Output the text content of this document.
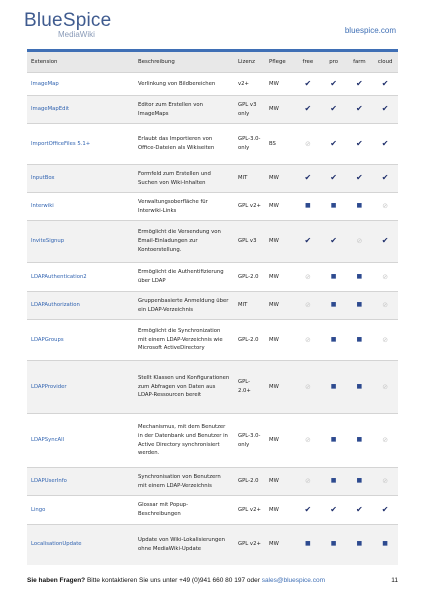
BlueSpice
MediaWiki	bluespice.com
Extension	Beschreibung	Lizenz	Pflege	free	pro	farm	cloud
ImageMap	Verlinkung von Bildbereichen	v2+	MW	✔	✔	✔	✔
ImageMapEdit	Editor zum Erstellen von ImageMaps	GPL v3 only	MW	✔	✔	✔	✔
ImportOfficeFiles 5.1+	Erlaubt das Importieren von Office-Dateien als Wikiseiten	GPL-3.0-only	BS	⊘	✔	✔	✔
InputBox	Formfeld zum Erstellen und Suchen von Wiki-Inhalten	MIT	MW	✔	✔	✔	✔
Interwiki	Verwaltungsoberfläche für Interwiki-Links	GPL v2+	MW	■	■	■	⊘
InviteSignup	Ermöglicht die Versendung von Email-Einladungen zur Kontoerstellung.	GPL v3	MW	✔	✔	⊘	✔
LDAPAuthentication2	Ermöglicht die Authentifizierung über LDAP	GPL-2.0	MW	⊘	■	■	⊘
LDAPAuthorization	Gruppenbasierte Anmeldung über ein LDAP-Verzeichnis	MIT	MW	⊘	■	■	⊘
LDAPGroups	Ermöglicht die Synchronization mit einem LDAP-Verzeichnis wie Microsoft ActiveDirectory	GPL-2.0	MW	⊘	■	■	⊘
LDAPProvider	Stellt Klassen und Konfigurationen zum Abfragen von Daten aus LDAP-Ressourcen bereit	GPL-2.0+	MW	⊘	■	■	⊘
LDAPSyncAll	Mechanismus, mit dem Benutzer in der Datenbank und Benutzer in Active Directory synchronisiert werden.	GPL-3.0-only	MW	⊘	■	■	⊘
LDAPUserInfo	Synchronisation von Benutzern mit einem LDAP-Verzeichnis	GPL-2.0	MW	⊘	■	■	⊘
Lingo	Glossar mit Popup-Beschreibungen	GPL v2+	MW	✔	✔	✔	✔
LocalisationUpdate	Update von Wiki-Lokalisierungen ohne MediaWiki-Update	GPL v2+	MW	■	■	■	■
Sie haben Fragen? Bitte kontaktieren Sie uns unter +49 (0)941 660 80 197 oder sales@bluespice.com	11
